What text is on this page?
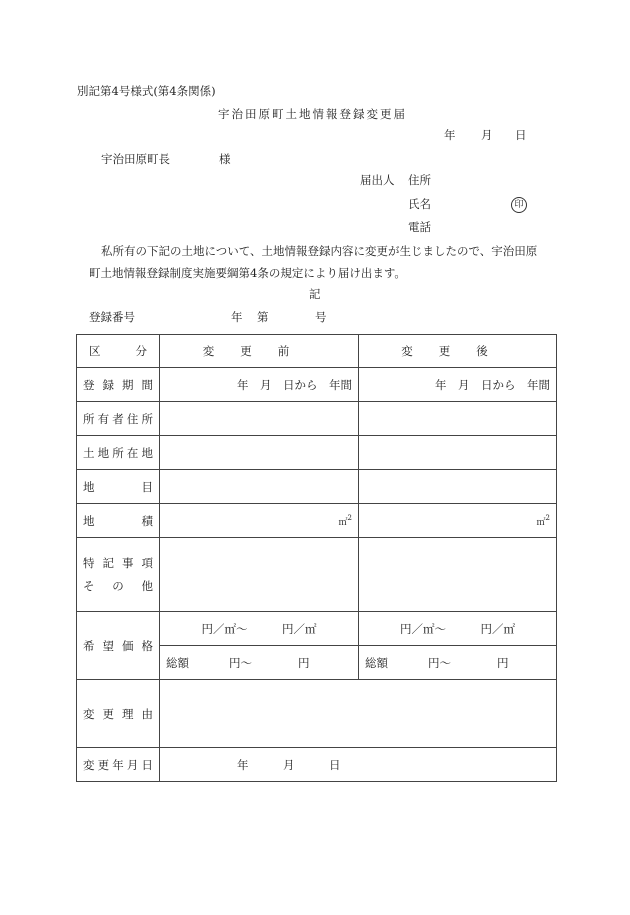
別記第4号様式(第4条関係)
宇治田原町土地情報登録変更届
年 月 日
宇治田原町長	様
届出人 住所
氏名	印
電話
私所有の下記の土地について、土地情報登録内容に変更が生じましたので、宇治田原
町土地情報登録制度実施要綱第4条の規定により届け出ます。
記
登録番号	年 第	号
区分	変更前	変更後
登録期間	年　月　日から　年間	年　月　日から　年間
所有者住所		
土地所在地		
地目		
地積	㎡$^2$	㎡$^2$

特記事項
その他		

希望価格	円／㎡〜　　　円／㎡	円／㎡〜　　　円／㎡
	総額 円〜 円	総額 円〜 円
変更理由		
変更年月日	年　　　月　　　日	
